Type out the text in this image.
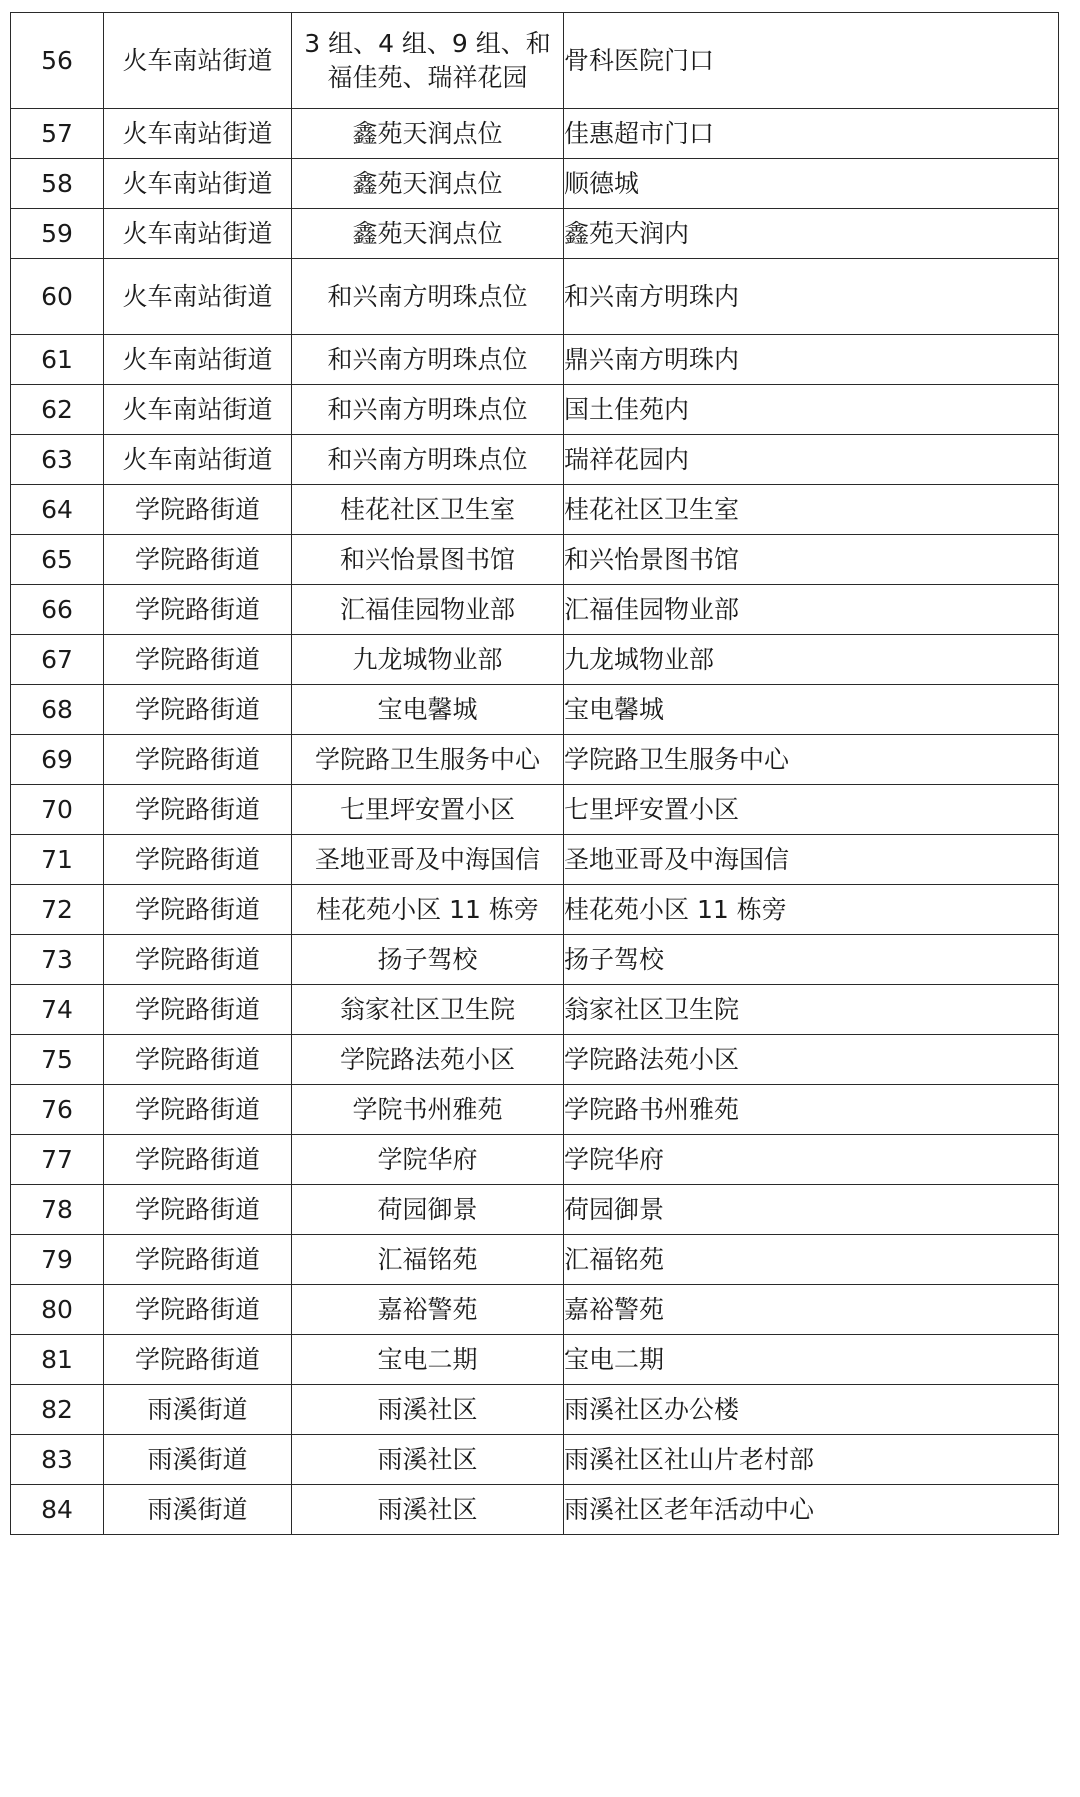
56	火车南站街道	3 组、4 组、9 组、和福佳苑、瑞祥花园	骨科医院门口
57	火车南站街道	鑫苑天润点位	佳惠超市门口
58	火车南站街道	鑫苑天润点位	顺德城
59	火车南站街道	鑫苑天润点位	鑫苑天润内
60	火车南站街道	和兴南方明珠点位	和兴南方明珠内
61	火车南站街道	和兴南方明珠点位	鼎兴南方明珠内
62	火车南站街道	和兴南方明珠点位	国土佳苑内
63	火车南站街道	和兴南方明珠点位	瑞祥花园内
64	学院路街道	桂花社区卫生室	桂花社区卫生室
65	学院路街道	和兴怡景图书馆	和兴怡景图书馆
66	学院路街道	汇福佳园物业部	汇福佳园物业部
67	学院路街道	九龙城物业部	九龙城物业部
68	学院路街道	宝电馨城	宝电馨城
69	学院路街道	学院路卫生服务中心	学院路卫生服务中心
70	学院路街道	七里坪安置小区	七里坪安置小区
71	学院路街道	圣地亚哥及中海国信	圣地亚哥及中海国信
72	学院路街道	桂花苑小区 11 栋旁	桂花苑小区 11 栋旁
73	学院路街道	扬子驾校	扬子驾校
74	学院路街道	翁家社区卫生院	翁家社区卫生院
75	学院路街道	学院路法苑小区	学院路法苑小区
76	学院路街道	学院书州雅苑	学院路书州雅苑
77	学院路街道	学院华府	学院华府
78	学院路街道	荷园御景	荷园御景
79	学院路街道	汇福铭苑	汇福铭苑
80	学院路街道	嘉裕警苑	嘉裕警苑
81	学院路街道	宝电二期	宝电二期
82	雨溪街道	雨溪社区	雨溪社区办公楼
83	雨溪街道	雨溪社区	雨溪社区社山片老村部
84	雨溪街道	雨溪社区	雨溪社区老年活动中心
